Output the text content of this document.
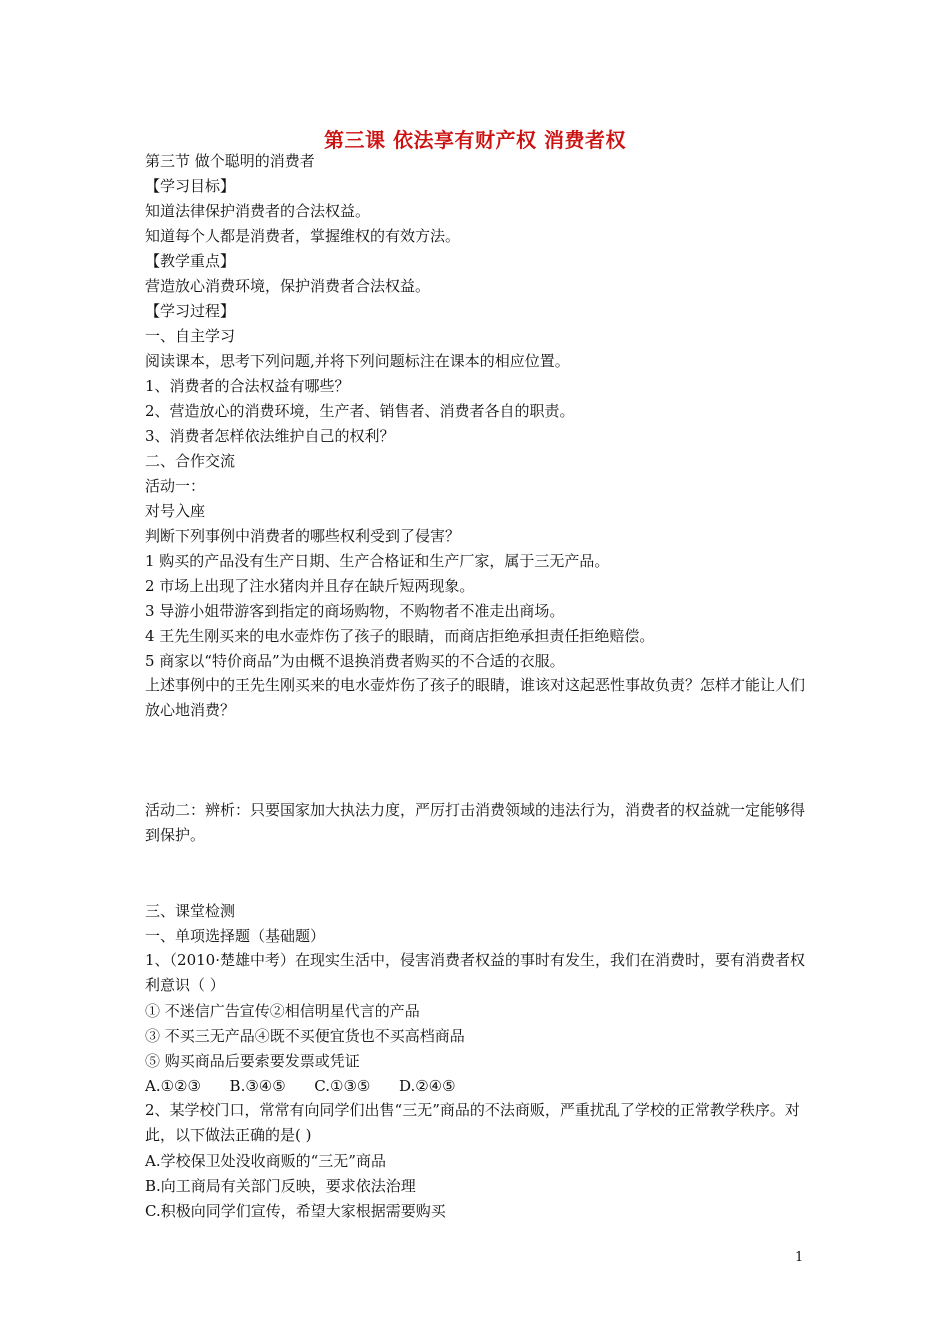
第三课 依法享有财产权 消费者权
第三节 做个聪明的消费者
【学习目标】
知道法律保护消费者的合法权益。
知道每个人都是消费者，掌握维权的有效方法。
【教学重点】
营造放心消费环境，保护消费者合法权益。
【学习过程】
一、自主学习
阅读课本，思考下列问题,并将下列问题标注在课本的相应位置。
1、消费者的合法权益有哪些？
2、营造放心的消费环境，生产者、销售者、消费者各自的职责。
3、消费者怎样依法维护自己的权利？
二、合作交流
活动一：
对号入座
判断下列事例中消费者的哪些权利受到了侵害？
1 购买的产品没有生产日期、生产合格证和生产厂家，属于三无产品。
2 市场上出现了注水猪肉并且存在缺斤短两现象。
3 导游小姐带游客到指定的商场购物，不购物者不准走出商场。
4 王先生刚买来的电水壶炸伤了孩子的眼睛，而商店拒绝承担责任拒绝赔偿。
5 商家以“特价商品”为由概不退换消费者购买的不合适的衣服。
上述事例中的王先生刚买来的电水壶炸伤了孩子的眼睛，谁该对这起恶性事故负责？怎样才能让人们放心地消费？
活动二：辨析：只要国家加大执法力度，严厉打击消费领域的违法行为，消费者的权益就一定能够得到保护。
三、课堂检测
一、单项选择题（基础题）
1、（2010·楚雄中考）在现实生活中，侵害消费者权益的事时有发生，我们在消费时，要有消费者权利意识（ ）
① 不迷信广告宣传②相信明星代言的产品
③ 不买三无产品④既不买便宜货也不买高档商品
⑤ 购买商品后要索要发票或凭证
A.①②③      B.③④⑤      C.①③⑤      D.②④⑤
2、某学校门口，常常有向同学们出售“三无”商品的不法商贩，严重扰乱了学校的正常教学秩序。对此，以下做法正确的是( )
A.学校保卫处没收商贩的“三无”商品
B.向工商局有关部门反映，要求依法治理
C.积极向同学们宣传，希望大家根据需要购买
1
